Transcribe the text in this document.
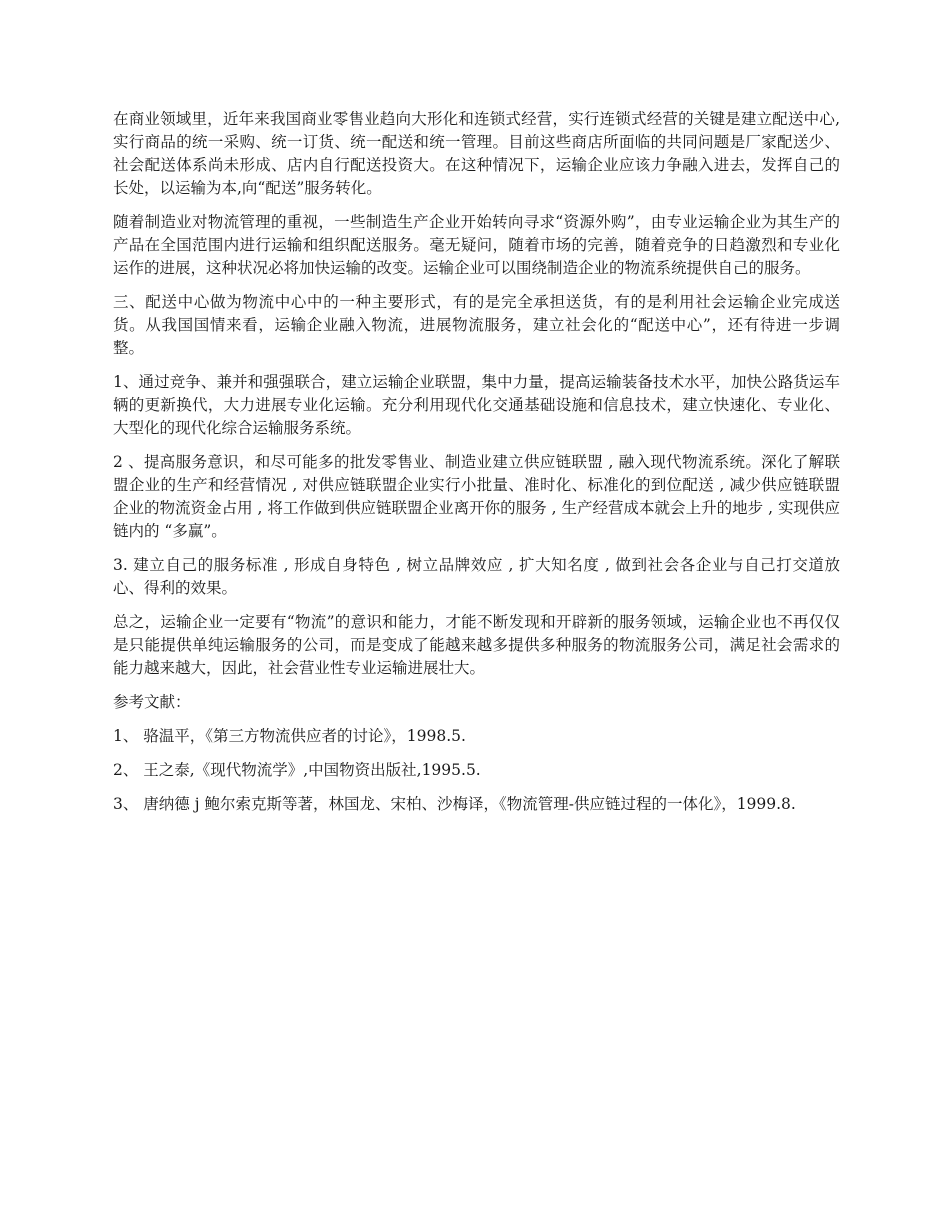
在商业领域里，近年来我国商业零售业趋向大形化和连锁式经营，实行连锁式经营的关键是建立配送中心,实行商品的统一采购、统一订货、统一配送和统一管理。目前这些商店所面临的共同问题是厂家配送少、社会配送体系尚未形成、店内自行配送投资大。在这种情况下，运输企业应该力争融入进去，发挥自己的长处，以运输为本,向“配送”服务转化。

随着制造业对物流管理的重视，一些制造生产企业开始转向寻求“资源外购”，由专业运输企业为其生产的产品在全国范围内进行运输和组织配送服务。毫无疑问，随着市场的完善，随着竞争的日趋激烈和专业化运作的进展，这种状况必将加快运输的改变。运输企业可以围绕制造企业的物流系统提供自己的服务。

三、配送中心做为物流中心中的一种主要形式，有的是完全承担送货，有的是利用社会运输企业完成送货。从我国国情来看，运输企业融入物流，进展物流服务，建立社会化的“配送中心”，还有待进一步调整。

1、通过竞争、兼并和强强联合，建立运输企业联盟，集中力量，提高运输装备技术水平，加快公路货运车辆的更新换代，大力进展专业化运输。充分利用现代化交通基础设施和信息技术，建立快速化、专业化、大型化的现代化综合运输服务系统。

2 、提高服务意识，和尽可能多的批发零售业、制造业建立供应链联盟 , 融入现代物流系统。深化了解联盟企业的生产和经营情况 , 对供应链联盟企业实行小批量、准时化、标准化的到位配送 , 减少供应链联盟企业的物流资金占用 , 将工作做到供应链联盟企业离开你的服务 , 生产经营成本就会上升的地步 , 实现供应链内的 “多赢”。

3. 建立自己的服务标准 , 形成自身特色 , 树立品牌效应 , 扩大知名度 , 做到社会各企业与自己打交道放心、得利的效果。

总之，运输企业一定要有“物流”的意识和能力，才能不断发现和开辟新的服务领域，运输企业也不再仅仅是只能提供单纯运输服务的公司，而是变成了能越来越多提供多种服务的物流服务公司，满足社会需求的能力越来越大，因此，社会营业性专业运输进展壮大。

参考文献：

1、 骆温平，《第三方物流供应者的讨论》，1998.5.

2、 王之泰,《现代物流学》,中国物资出版社,1995.5.

3、 唐纳德 j 鲍尔索克斯等著，林国龙、宋柏、沙梅译，《物流管理-供应链过程的一体化》，1999.8.
